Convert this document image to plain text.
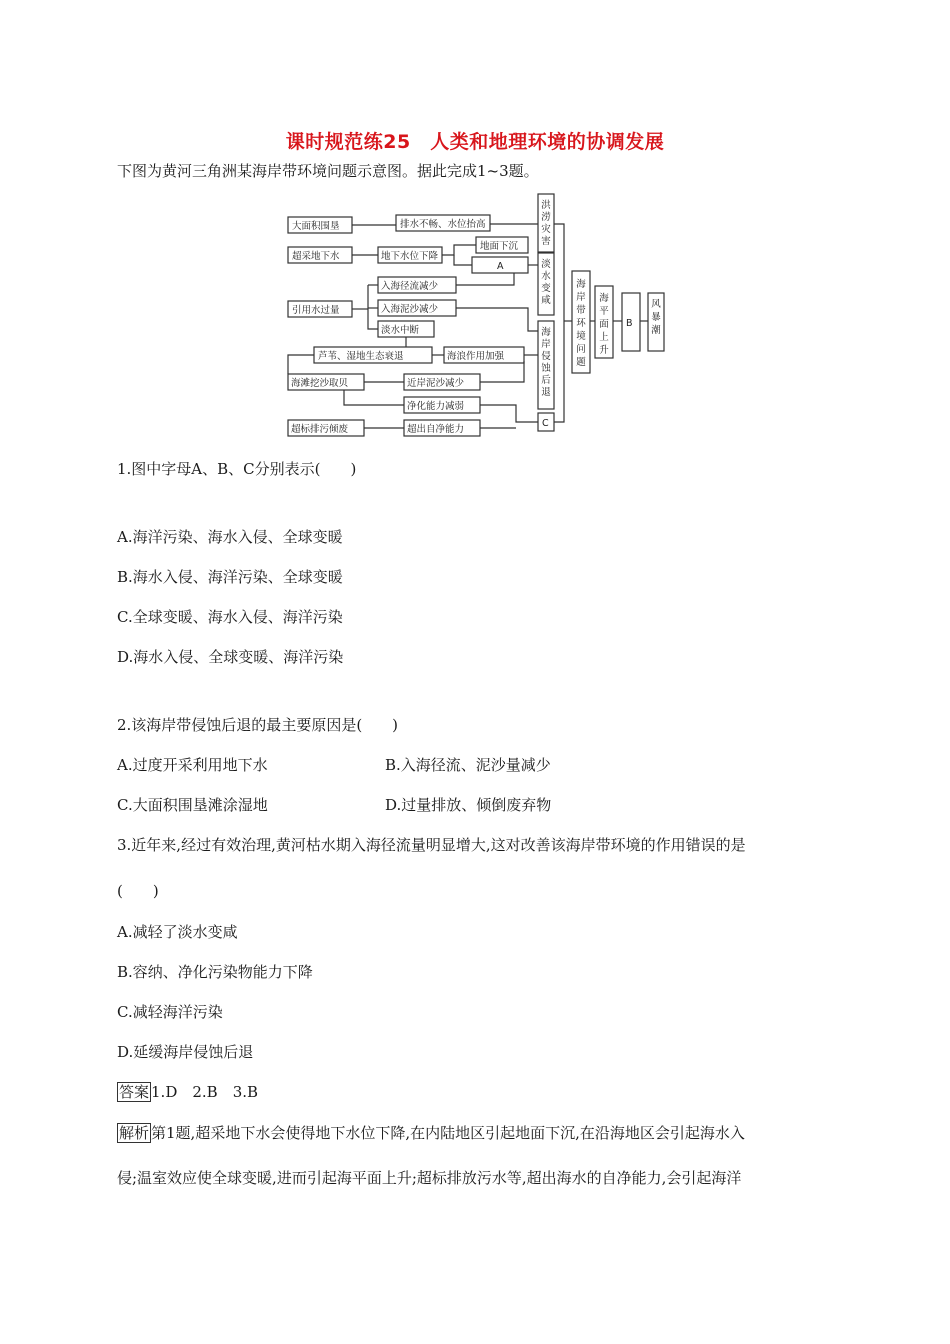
课时规范练25　人类和地理环境的协调发展
下图为黄河三角洲某海岸带环境问题示意图。据此完成1~3题。
大面积围垦
超采地下水
引用水过量
海滩挖沙取贝
超标排污倾废
排水不畅、水位抬高
地下水位下降
地面下沉
A
入海径流减少
入海泥沙减少
淡水中断
芦苇、湿地生态衰退	海浪作用加强
近岸泥沙减少
净化能力减弱
超出自净能力
洪涝灾害
淡水变咸
海岸侵蚀后退
C
海岸带环境问题
海平面上升
B
风暴潮
1.图中字母A、B、C分别表示(　　)
A.海洋污染、海水入侵、全球变暖
B.海水入侵、海洋污染、全球变暖
C.全球变暖、海水入侵、海洋污染
D.海水入侵、全球变暖、海洋污染
2.该海岸带侵蚀后退的最主要原因是(　　)
A.过度开采利用地下水	B.入海径流、泥沙量减少
C.大面积围垦滩涂湿地	D.过量排放、倾倒废弃物
3.近年来,经过有效治理,黄河枯水期入海径流量明显增大,这对改善该海岸带环境的作用错误的是
(　　)
A.减轻了淡水变咸
B.容纳、净化污染物能力下降
C.减轻海洋污染
D.延缓海岸侵蚀后退
答案 1.D　2.B　3.B
解析 第1题,超采地下水会使得地下水位下降,在内陆地区引起地面下沉,在沿海地区会引起海水入
侵;温室效应使全球变暖,进而引起海平面上升;超标排放污水等,超出海水的自净能力,会引起海洋
